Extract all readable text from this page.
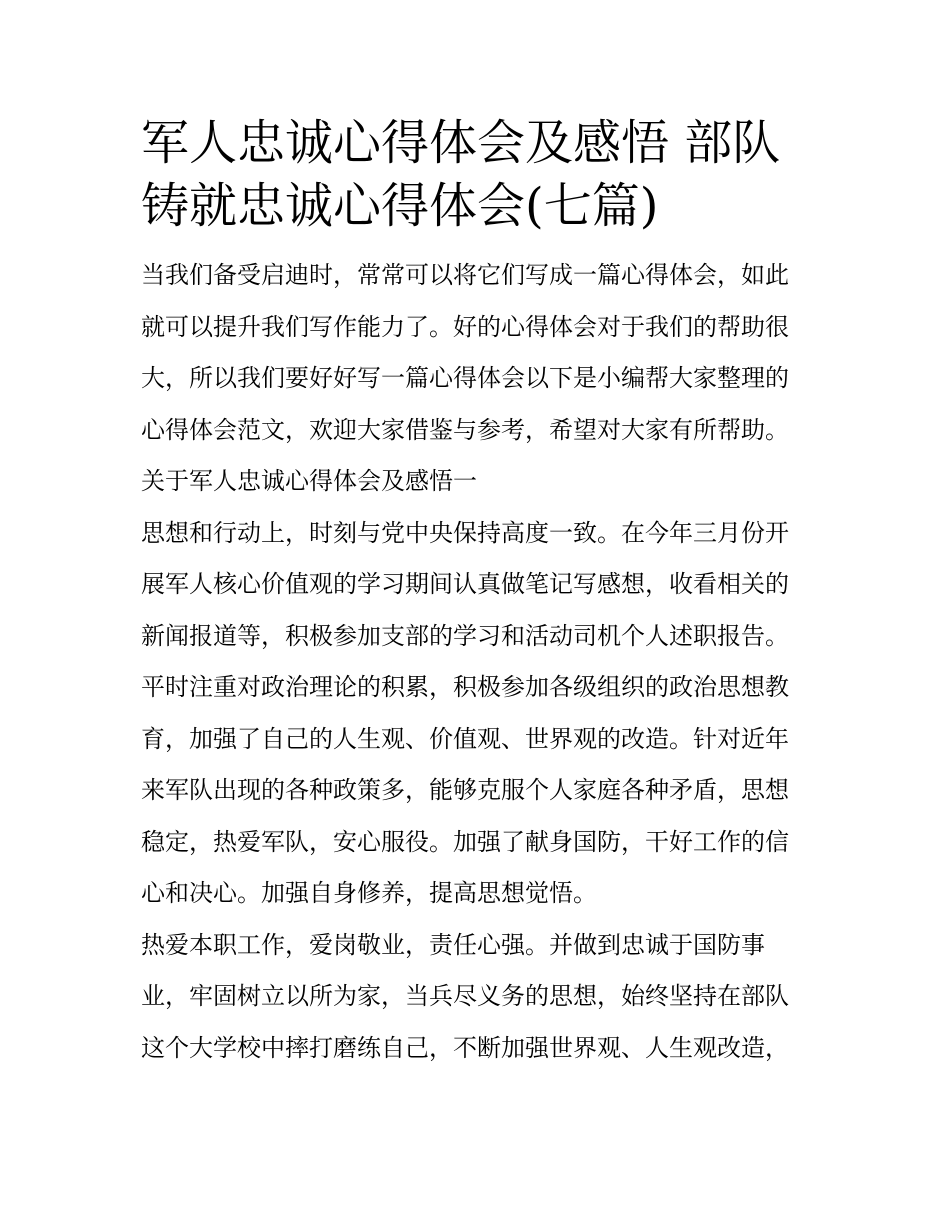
军人忠诚心得体会及感悟 部队
铸就忠诚心得体会(七篇)

当我们备受启迪时，常常可以将它们写成一篇心得体会，如此
就可以提升我们写作能力了。好的心得体会对于我们的帮助很
大，所以我们要好好写一篇心得体会以下是小编帮大家整理的
心得体会范文，欢迎大家借鉴与参考，希望对大家有所帮助。

关于军人忠诚心得体会及感悟一

思想和行动上，时刻与党中央保持高度一致。在今年三月份开
展军人核心价值观的学习期间认真做笔记写感想，收看相关的
新闻报道等，积极参加支部的学习和活动司机个人述职报告。
平时注重对政治理论的积累，积极参加各级组织的政治思想教
育，加强了自己的人生观、价值观、世界观的改造。针对近年
来军队出现的各种政策多，能够克服个人家庭各种矛盾，思想
稳定，热爱军队，安心服役。加强了献身国防，干好工作的信
心和决心。加强自身修养，提高思想觉悟。

热爱本职工作，爱岗敬业，责任心强。并做到忠诚于国防事
业，牢固树立以所为家，当兵尽义务的思想，始终坚持在部队
这个大学校中摔打磨练自己，不断加强世界观、人生观改造，
